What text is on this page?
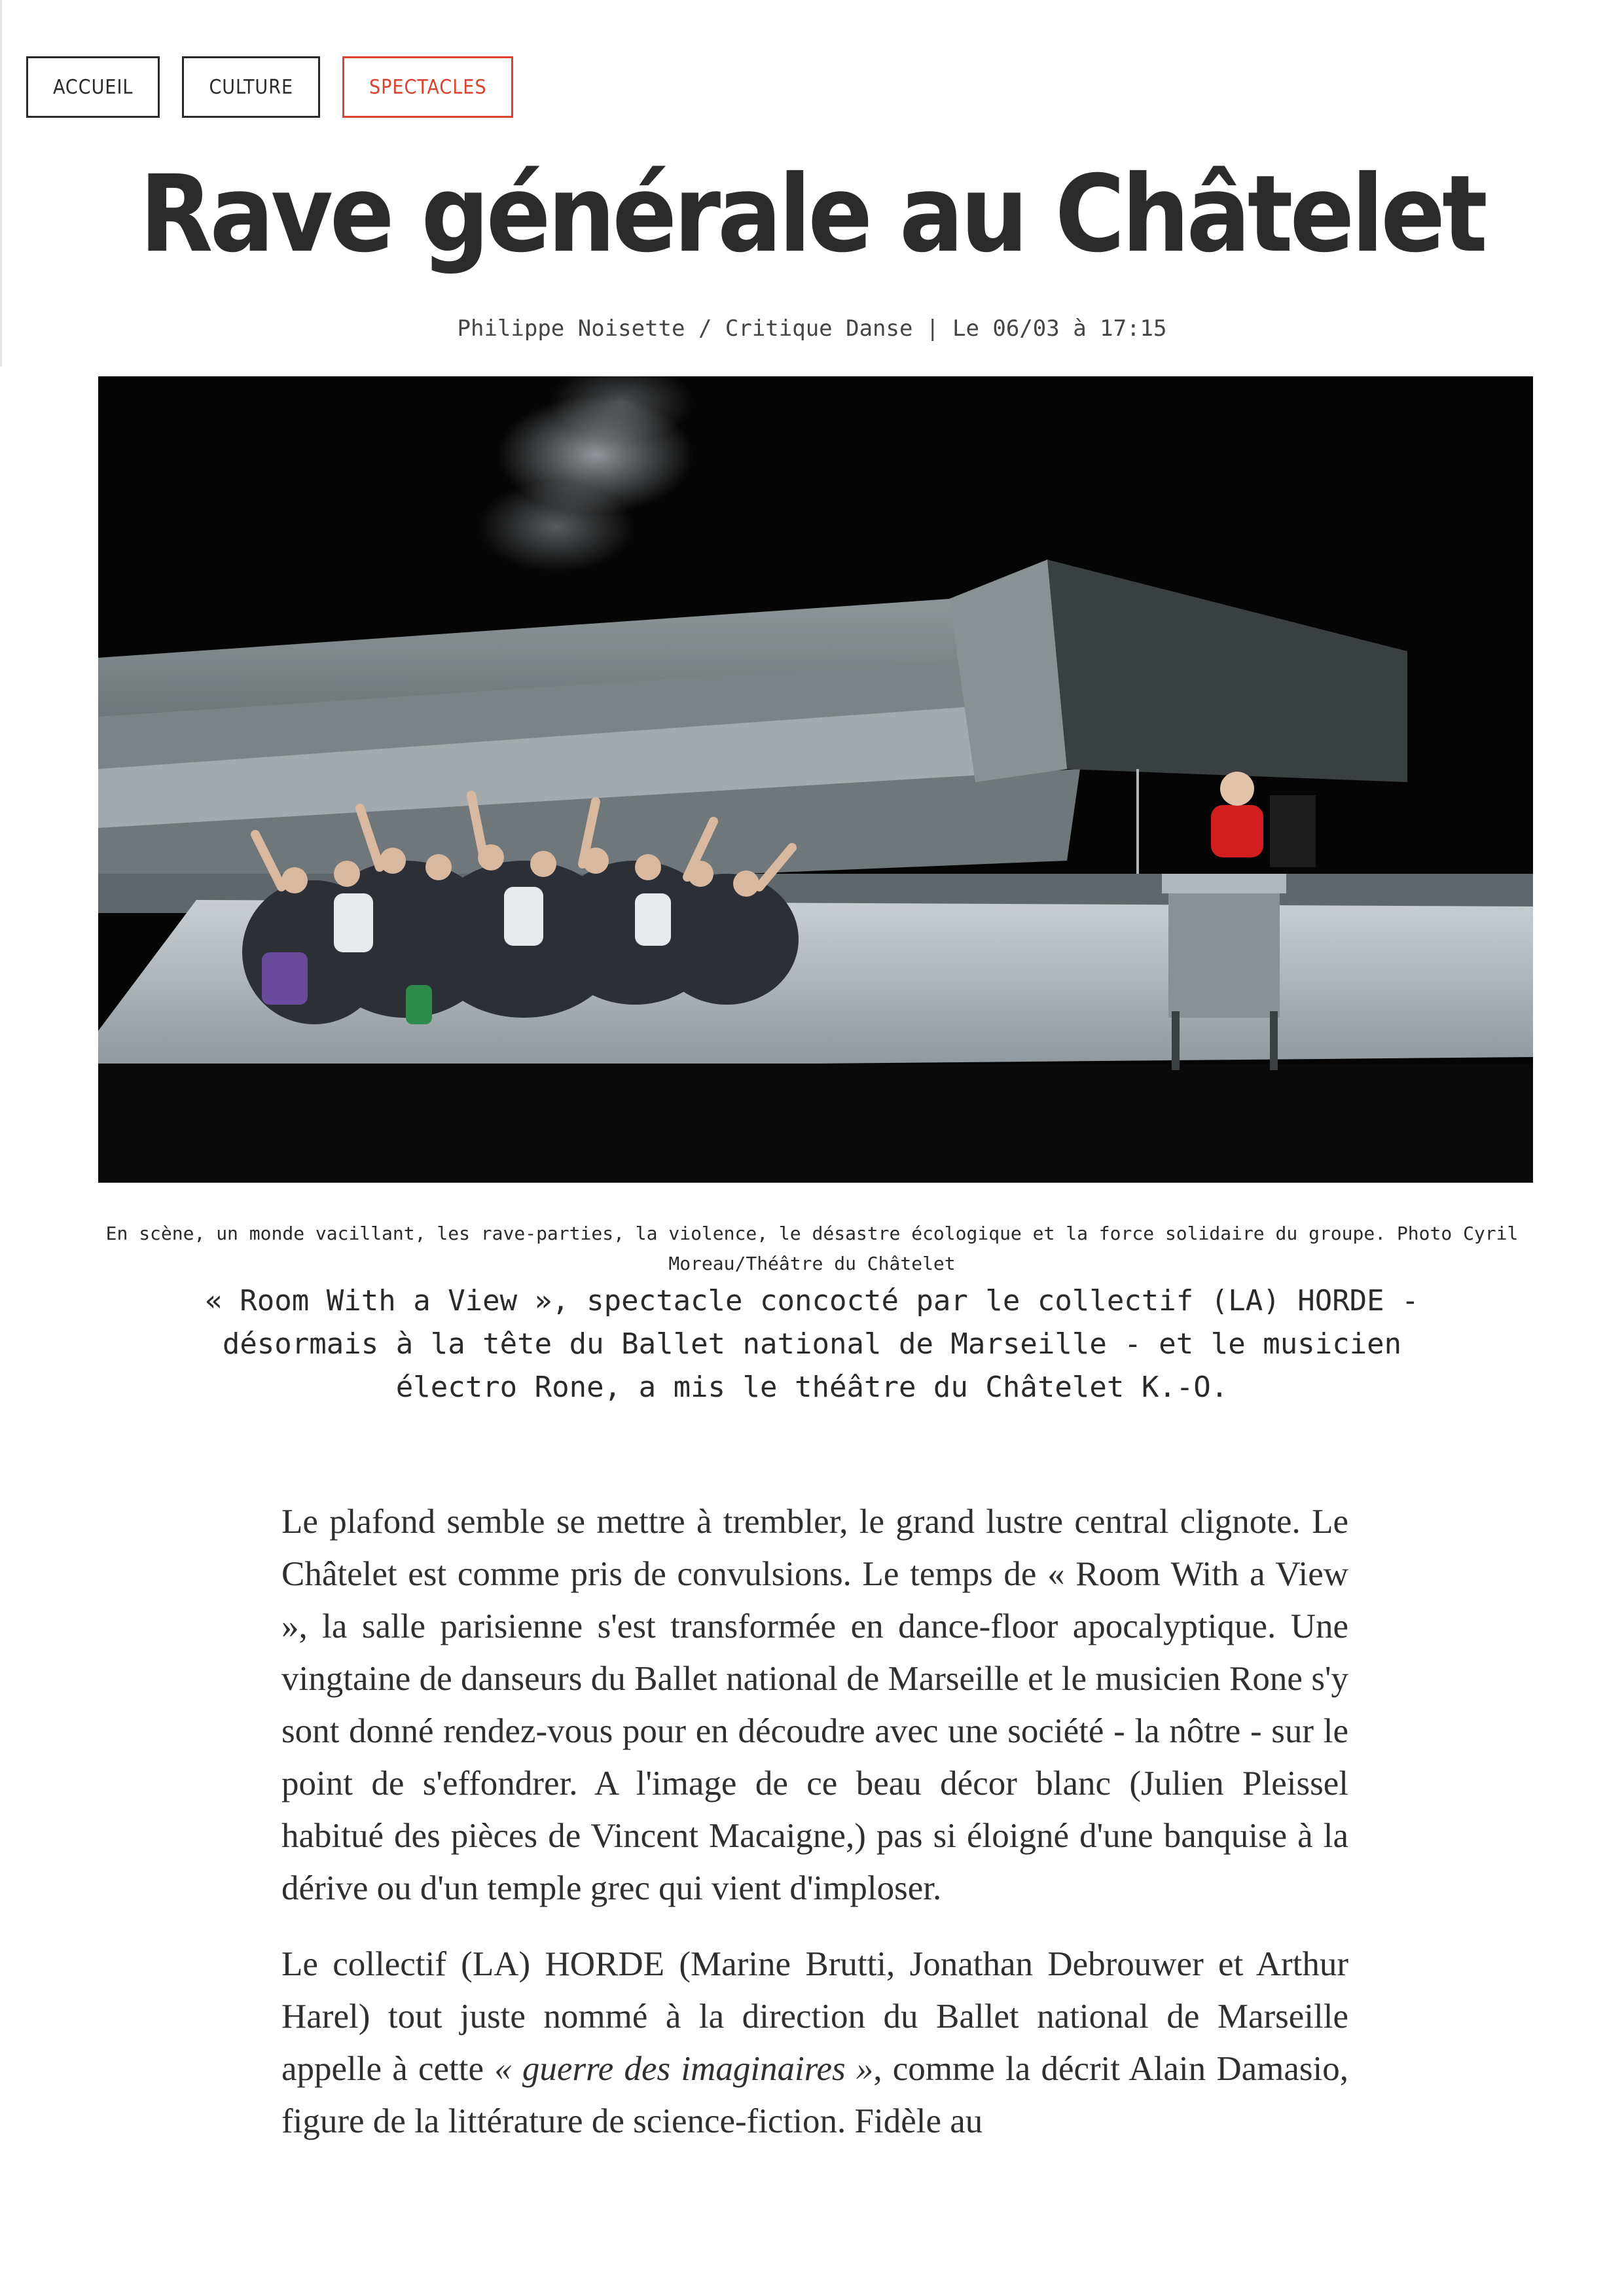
ACCUEIL	CULTURE	SPECTACLES
Rave générale au Châtelet
Philippe Noisette / Critique Danse | Le 06/03 à 17:15
En scène, un monde vacillant, les rave-parties, la violence, le désastre écologique et la force solidaire du groupe. Photo Cyril Moreau/Théâtre du Châtelet
« Room With a View », spectacle concocté par le collectif (LA) HORDE - désormais à la tête du Ballet national de Marseille - et le musicien électro Rone, a mis le théâtre du Châtelet K.-O.

Le plafond semble se mettre à trembler, le grand lustre central clignote. Le Châtelet est comme pris de convulsions. Le temps de « Room With a View », la salle parisienne s'est transformée en dance-floor apocalyptique. Une vingtaine de danseurs du Ballet national de Marseille et le musicien Rone s'y sont donné rendez-vous pour en découdre avec une société - la nôtre - sur le point de s'effondrer. A l'image de ce beau décor blanc (Julien Pleissel habitué des pièces de Vincent Macaigne,) pas si éloigné d'une banquise à la dérive ou d'un temple grec qui vient d'imploser.

Le collectif (LA) HORDE (Marine Brutti, Jonathan Debrouwer et Arthur Harel) tout juste nommé à la direction du Ballet national de Marseille appelle à cette « guerre des imaginaires », comme la décrit Alain Damasio, figure de la littérature de science-fiction. Fidèle au
